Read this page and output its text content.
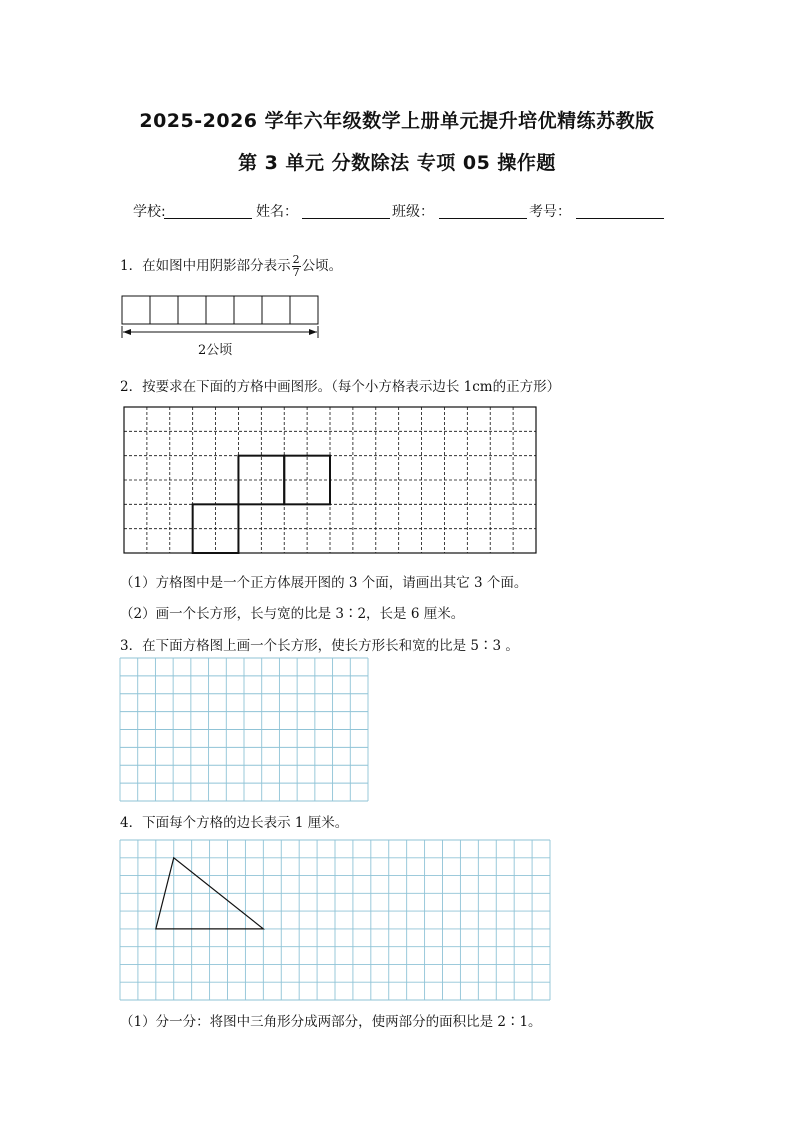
2025-2026 学年六年级数学上册单元提升培优精练苏教版
第 3 单元 分数除法 专项 05 操作题
学校:	姓名：	班级：	考号：
1．在如图中用阴影部分表示 $\frac{2}{7}$ 公顷。
2公顷
2．按要求在下面的方格中画图形。（每个小方格表示边长 1cm的正方形）
（1）方格图中是一个正方体展开图的 3 个面，请画出其它 3 个面。
（2）画一个长方形，长与宽的比是 3∶2，长是 6 厘米。
3．在下面方格图上画一个长方形，使长方形长和宽的比是 5∶3 。
4．下面每个方格的边长表示 1 厘米。
（1）分一分：将图中三角形分成两部分，使两部分的面积比是 2∶1。
